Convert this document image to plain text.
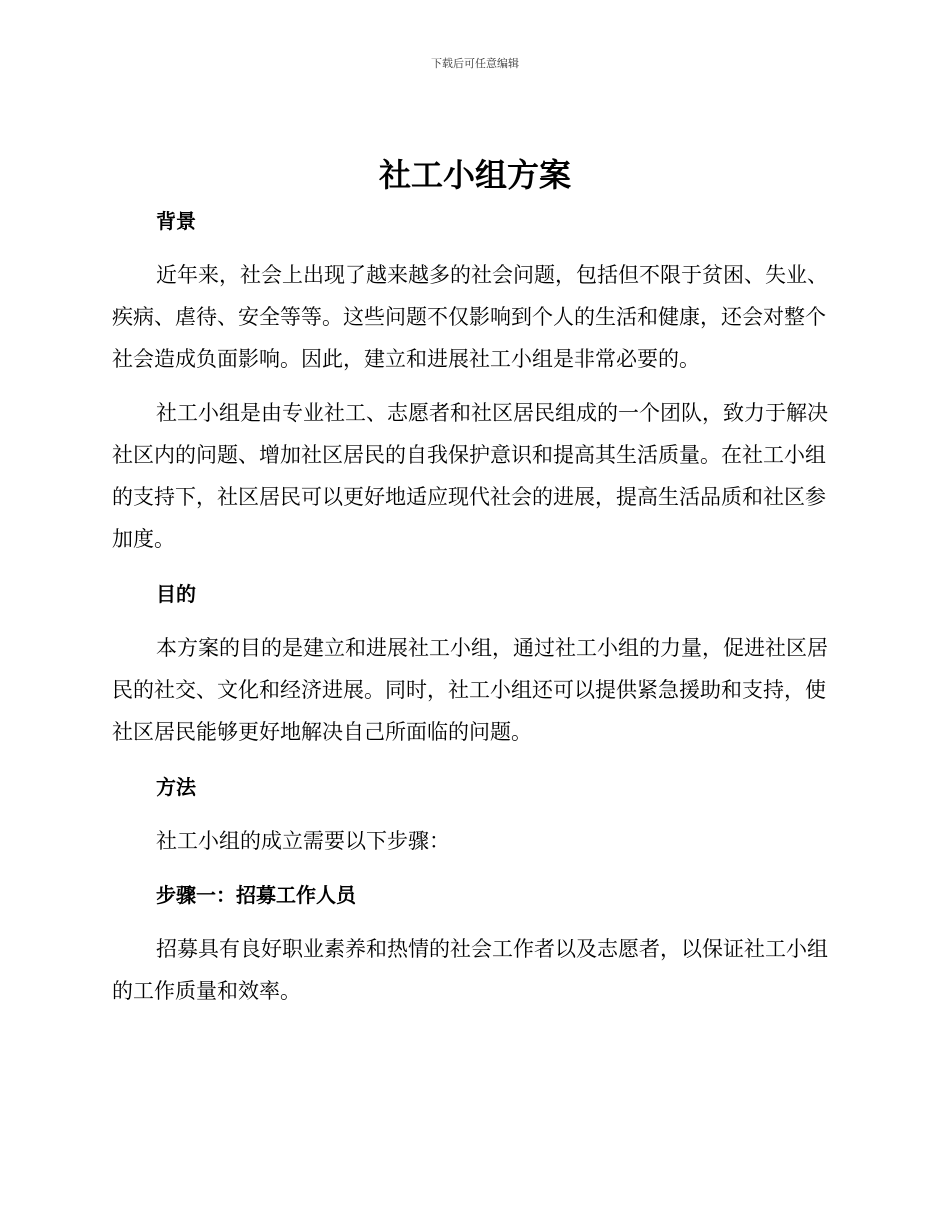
下载后可任意编辑
社工小组方案
背景

近年来，社会上出现了越来越多的社会问题，包括但不限于贫困、失业、疾病、虐待、安全等等。这些问题不仅影响到个人的生活和健康，还会对整个社会造成负面影响。因此，建立和进展社工小组是非常必要的。

社工小组是由专业社工、志愿者和社区居民组成的一个团队，致力于解决社区内的问题、增加社区居民的自我保护意识和提高其生活质量。在社工小组的支持下，社区居民可以更好地适应现代社会的进展，提高生活品质和社区参加度。

目的

本方案的目的是建立和进展社工小组，通过社工小组的力量，促进社区居民的社交、文化和经济进展。同时，社工小组还可以提供紧急援助和支持，使社区居民能够更好地解决自己所面临的问题。

方法

社工小组的成立需要以下步骤：

步骤一：招募工作人员

招募具有良好职业素养和热情的社会工作者以及志愿者，以保证社工小组的工作质量和效率。
